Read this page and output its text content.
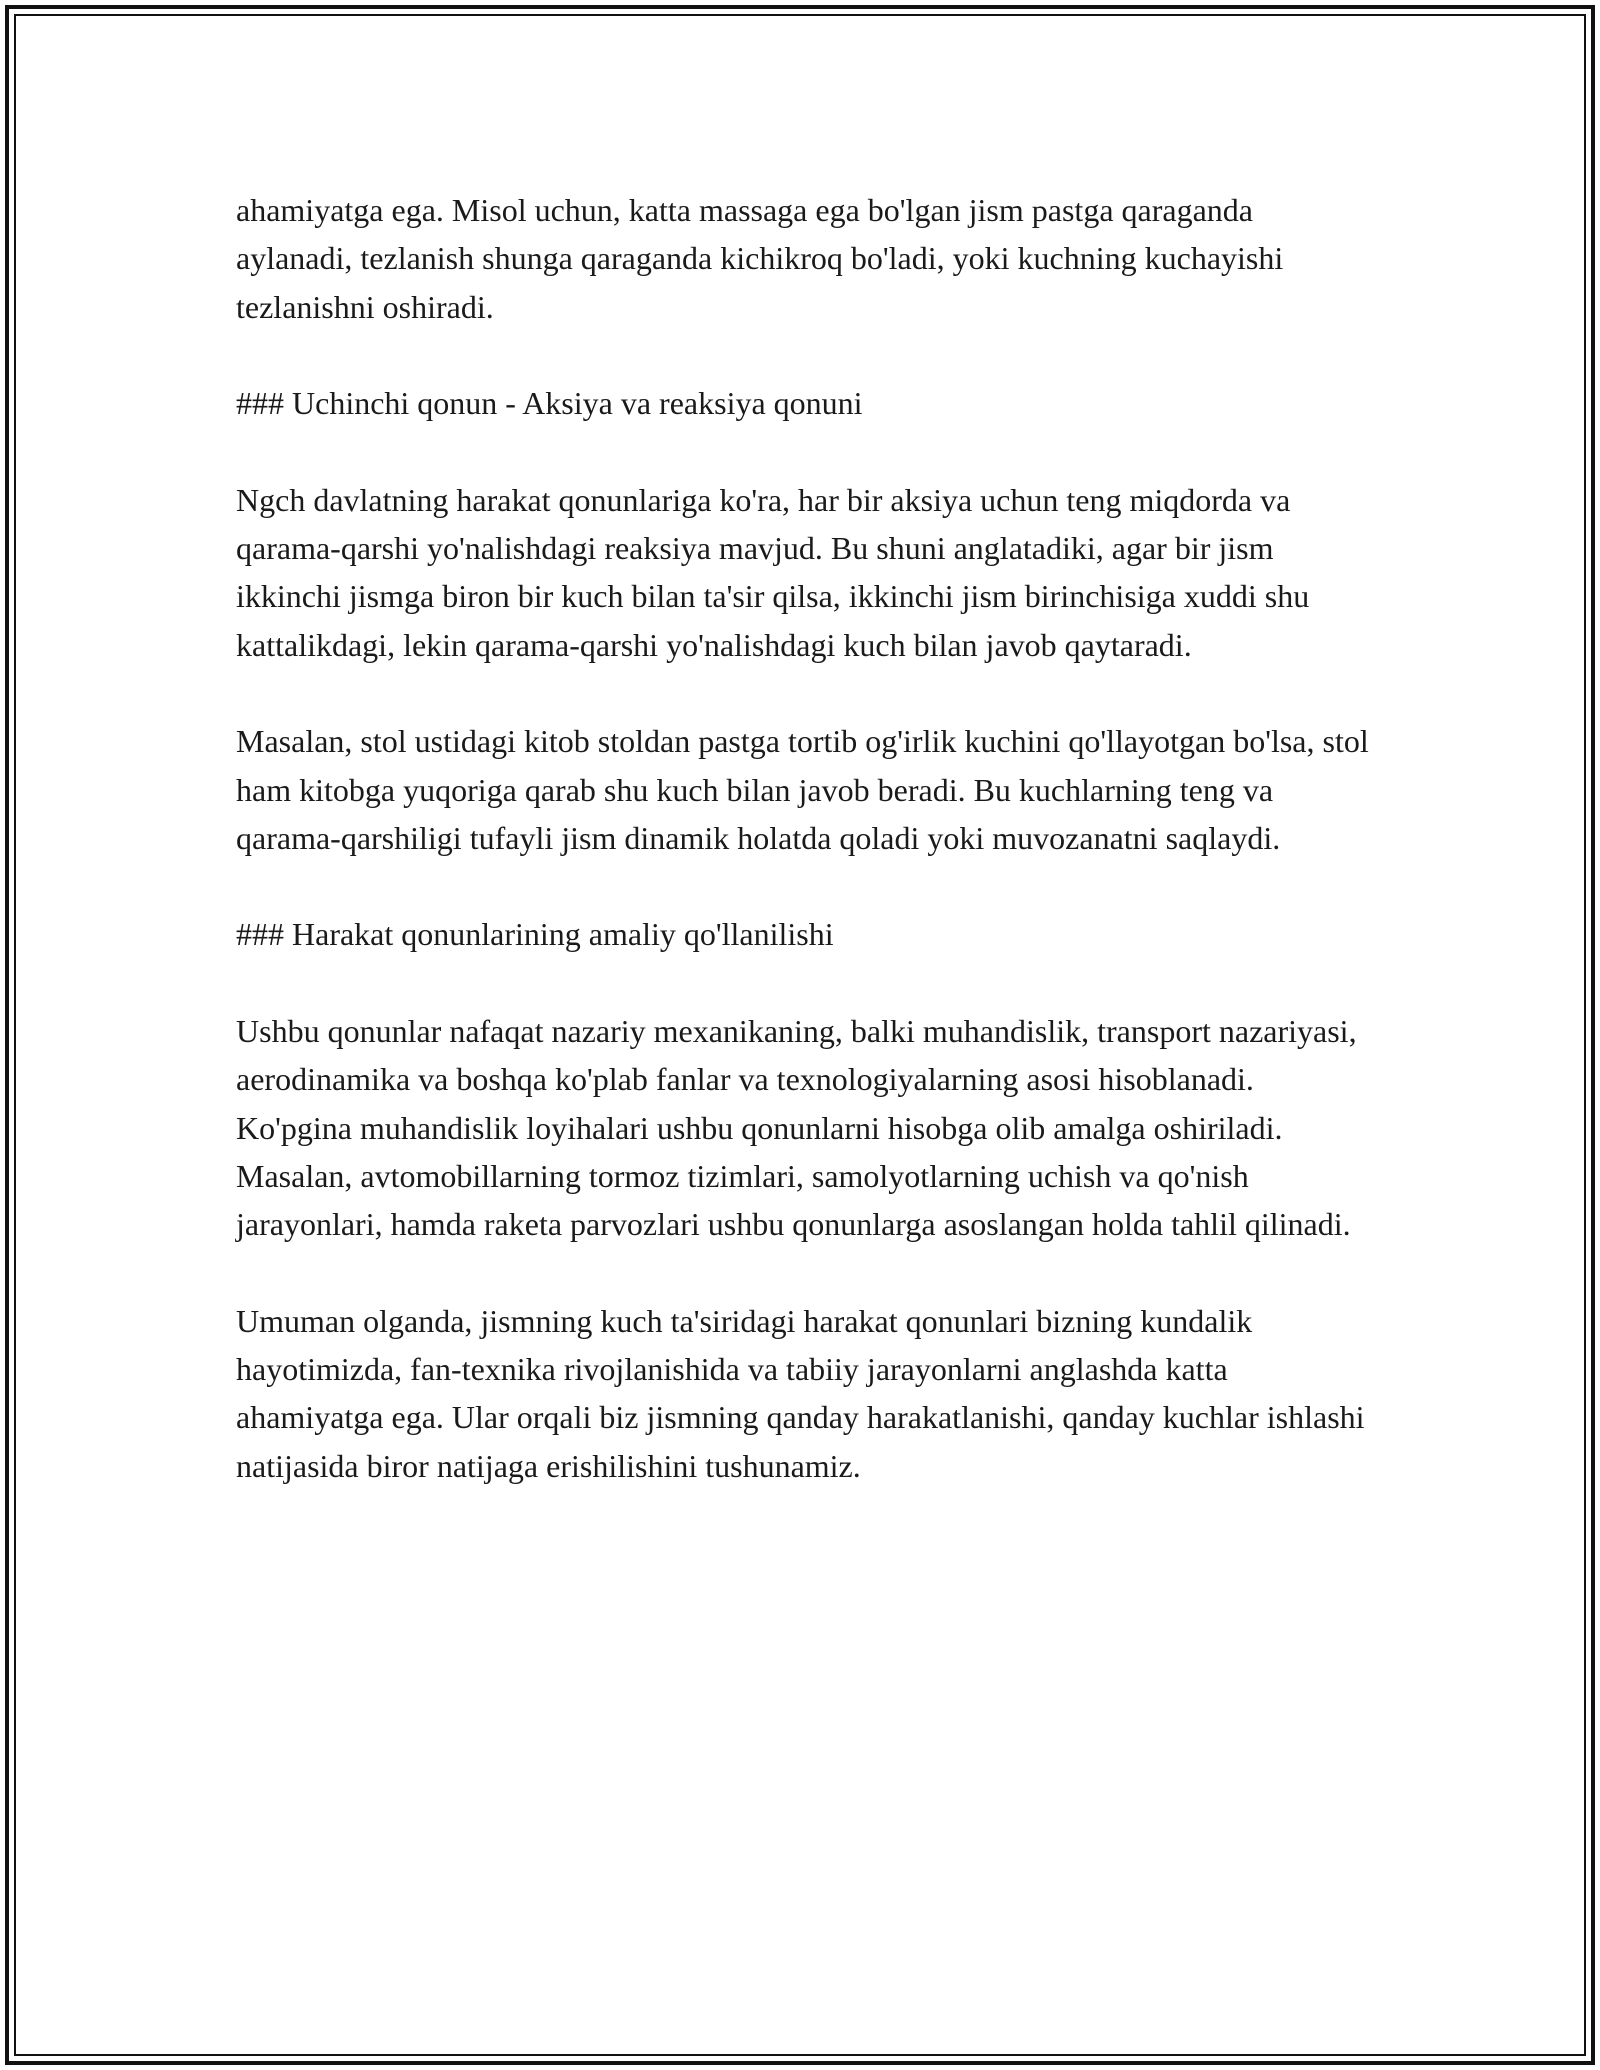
ahamiyatga ega. Misol uchun, katta massaga ega bo'lgan jism pastga qaraganda aylanadi, tezlanish shunga qaraganda kichikroq bo'ladi, yoki kuchning kuchayishi tezlanishni oshiradi.

### Uchinchi qonun - Aksiya va reaksiya qonuni

Ngch davlatning harakat qonunlariga ko'ra, har bir aksiya uchun teng miqdorda va qarama-qarshi yo'nalishdagi reaksiya mavjud. Bu shuni anglatadiki, agar bir jism ikkinchi jismga biron bir kuch bilan ta'sir qilsa, ikkinchi jism birinchisiga xuddi shu kattalikdagi, lekin qarama-qarshi yo'nalishdagi kuch bilan javob qaytaradi.

Masalan, stol ustidagi kitob stoldan pastga tortib og'irlik kuchini qo'llayotgan bo'lsa, stol ham kitobga yuqoriga qarab shu kuch bilan javob beradi. Bu kuchlarning teng va qarama-qarshiligi tufayli jism dinamik holatda qoladi yoki muvozanatni saqlaydi.

### Harakat qonunlarining amaliy qo'llanilishi

Ushbu qonunlar nafaqat nazariy mexanikaning, balki muhandislik, transport nazariyasi, aerodinamika va boshqa ko'plab fanlar va texnologiyalarning asosi hisoblanadi. Ko'pgina muhandislik loyihalari ushbu qonunlarni hisobga olib amalga oshiriladi. Masalan, avtomobillarning tormoz tizimlari, samolyotlarning uchish va qo'nish jarayonlari, hamda raketa parvozlari ushbu qonunlarga asoslangan holda tahlil qilinadi.

Umuman olganda, jismning kuch ta'siridagi harakat qonunlari bizning kundalik hayotimizda, fan-texnika rivojlanishida va tabiiy jarayonlarni anglashda katta ahamiyatga ega. Ular orqali biz jismning qanday harakatlanishi, qanday kuchlar ishlashi natijasida biror natijaga erishilishini tushunamiz.
